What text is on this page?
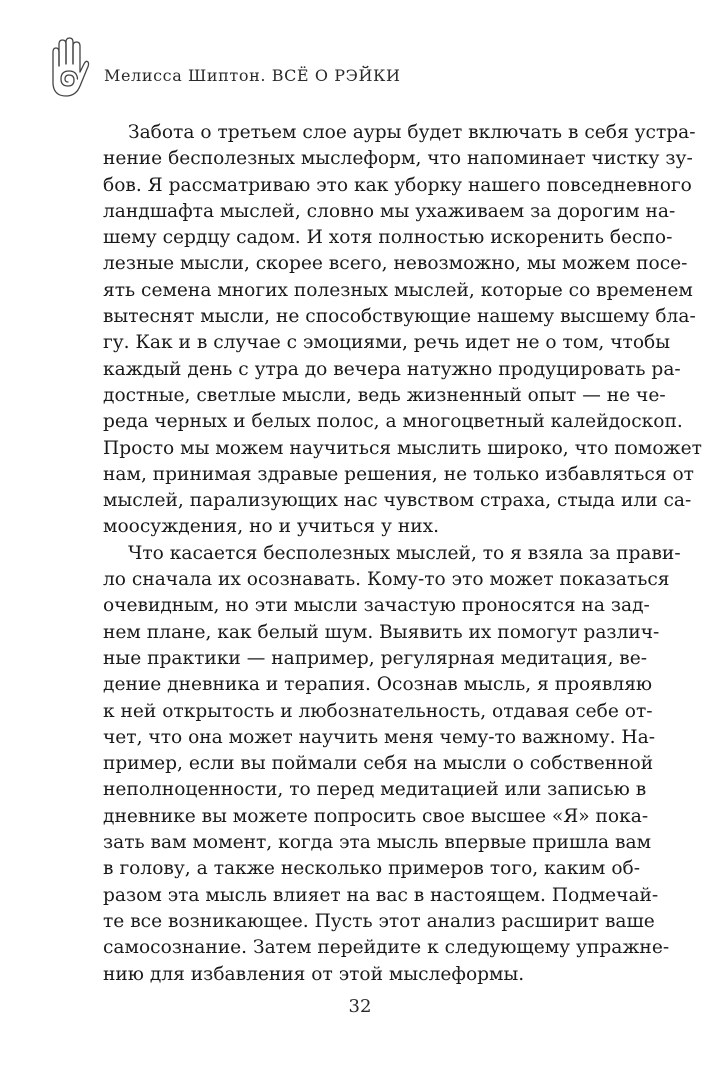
Мелисса Шиптон. ВСЁ О РЭЙКИ
Забота о третьем слое ауры будет включать в себя устра-
нение бесполезных мыслеформ, что напоминает чистку зу-
бов. Я рассматриваю это как уборку нашего повседневного
ландшафта мыслей, словно мы ухаживаем за дорогим на-
шему сердцу садом. И хотя полностью искоренить беспо-
лезные мысли, скорее всего, невозможно, мы можем посе-
ять семена многих полезных мыслей, которые со временем
вытеснят мысли, не способствующие нашему высшему бла-
гу. Как и в случае с эмоциями, речь идет не о том, чтобы
каждый день с утра до вечера натужно продуцировать ра-
достные, светлые мысли, ведь жизненный опыт — не че-
реда черных и белых полос, а многоцветный калейдоскоп.
Просто мы можем научиться мыслить широко, что поможет
нам, принимая здравые решения, не только избавляться от
мыслей, парализующих нас чувством страха, стыда или са-
моосуждения, но и учиться у них.
Что касается бесполезных мыслей, то я взяла за прави-
ло сначала их осознавать. Кому-то это может показаться
очевидным, но эти мысли зачастую проносятся на зад-
нем плане, как белый шум. Выявить их помогут различ-
ные практики — например, регулярная медитация, ве-
дение дневника и терапия. Осознав мысль, я проявляю
к ней открытость и любознательность, отдавая себе от-
чет, что она может научить меня чему-то важному. На-
пример, если вы поймали себя на мысли о собственной
неполноценности, то перед медитацией или записью в
дневнике вы можете попросить свое высшее «Я» пока-
зать вам момент, когда эта мысль впервые пришла вам
в голову, а также несколько примеров того, каким об-
разом эта мысль влияет на вас в настоящем. Подмечай-
те все возникающее. Пусть этот анализ расширит ваше
самосознание. Затем перейдите к следующему упражне-
нию для избавления от этой мыслеформы.
32
